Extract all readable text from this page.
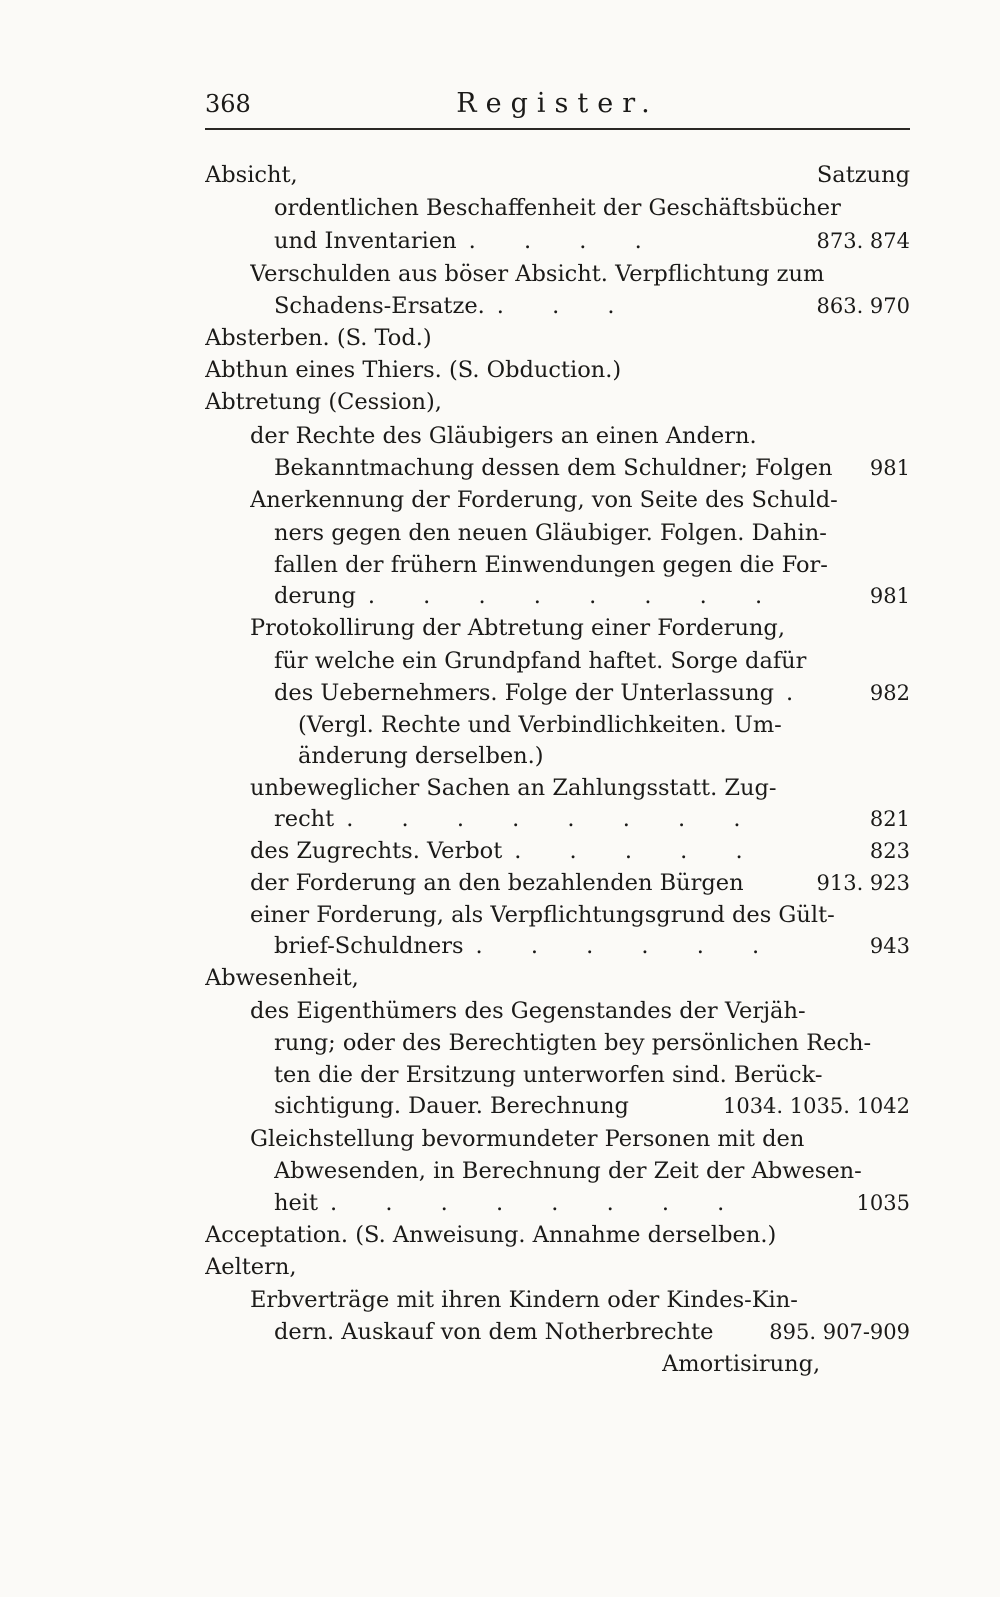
368	Register.
Absicht,	Satzung
ordentlichen Beschaffenheit der Geschäftsbücher
und Inventarien . . . .	873. 874
Verschulden aus böser Absicht. Verpflichtung zum
Schadens-Ersatze. . . .	863. 970
Absterben. (S. Tod.)
Abthun eines Thiers. (S. Obduction.)
Abtretung (Cession),
der Rechte des Gläubigers an einen Andern.
Bekanntmachung dessen dem Schuldner; Folgen 981
Anerkennung der Forderung, von Seite des Schuld-
ners gegen den neuen Gläubiger. Folgen. Dahin-
fallen der frühern Einwendungen gegen die For-
derung . . . . . . . .	981
Protokollirung der Abtretung einer Forderung,
für welche ein Grundpfand haftet. Sorge dafür
des Uebernehmers. Folge der Unterlassung .	982
(Vergl. Rechte und Verbindlichkeiten. Um-
änderung derselben.)
unbeweglicher Sachen an Zahlungsstatt. Zug-
recht . . . . . . . .	821
des Zugrechts. Verbot . . . . .	823
der Forderung an den bezahlenden Bürgen	913. 923
einer Forderung, als Verpflichtungsgrund des Gült-
brief-Schuldners . . . . . .	943
Abwesenheit,
des Eigenthümers des Gegenstandes der Verjäh-
rung; oder des Berechtigten bey persönlichen Rech-
ten die der Ersitzung unterworfen sind. Berück-
sichtigung. Dauer. Berechnung	1034. 1035. 1042
Gleichstellung bevormundeter Personen mit den
Abwesenden, in Berechnung der Zeit der Abwesen-
heit . . . . . . . .	1035
Acceptation. (S. Anweisung. Annahme derselben.)
Aeltern,
Erbverträge mit ihren Kindern oder Kindes-Kin-
dern. Auskauf von dem Notherbrechte	895. 907-909
Amortisirung,
